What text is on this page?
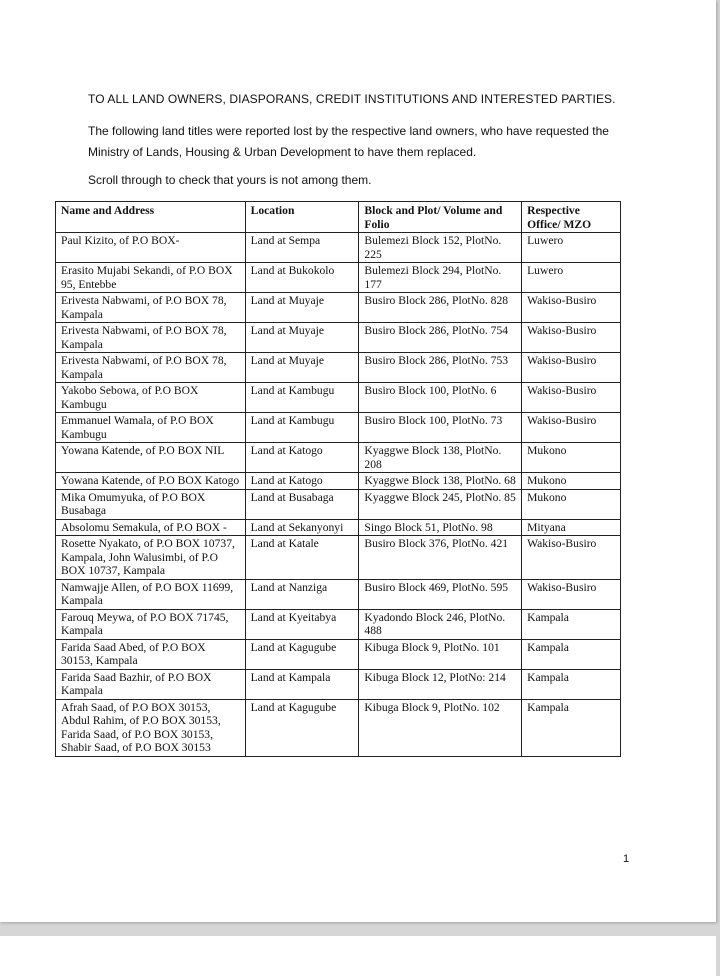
TO ALL LAND OWNERS, DIASPORANS, CREDIT INSTITUTIONS AND INTERESTED PARTIES.
The following land titles were reported lost by the respective land owners, who have requested the Ministry of Lands, Housing & Urban Development to have them replaced.
Scroll through to check that yours is not among them.
Name and Address	Location	Block and Plot/ Volume and Folio	Respective Office/ MZO
Paul Kizito, of P.O BOX-	Land at Sempa	Bulemezi Block 152, PlotNo. 225	Luwero
Erasito Mujabi Sekandi, of P.O BOX 95, Entebbe	Land at Bukokolo	Bulemezi Block 294, PlotNo. 177	Luwero
Erivesta Nabwami, of P.O BOX 78, Kampala	Land at Muyaje	Busiro Block 286, PlotNo. 828	Wakiso-Busiro
Erivesta Nabwami, of P.O BOX 78, Kampala	Land at Muyaje	Busiro Block 286, PlotNo. 754	Wakiso-Busiro
Erivesta Nabwami, of P.O BOX 78, Kampala	Land at Muyaje	Busiro Block 286, PlotNo. 753	Wakiso-Busiro
Yakobo Sebowa, of P.O BOX Kambugu	Land at Kambugu	Busiro Block 100, PlotNo. 6	Wakiso-Busiro
Emmanuel Wamala, of P.O BOX Kambugu	Land at Kambugu	Busiro Block 100, PlotNo. 73	Wakiso-Busiro
Yowana Katende, of P.O BOX NIL	Land at Katogo	Kyaggwe Block 138, PlotNo. 208	Mukono
Yowana Katende, of P.O BOX Katogo	Land at Katogo	Kyaggwe Block 138, PlotNo. 68	Mukono
Mika Omumyuka, of P.O BOX Busabaga	Land at Busabaga	Kyaggwe Block 245, PlotNo. 85	Mukono
Absolomu Semakula, of P.O BOX -	Land at Sekanyonyi	Singo Block 51, PlotNo. 98	Mityana
Rosette Nyakato, of P.O BOX 10737, Kampala, John Walusimbi, of P.O BOX 10737, Kampala	Land at Katale	Busiro Block 376, PlotNo. 421	Wakiso-Busiro
Namwajje Allen, of P.O BOX 11699, Kampala	Land at Nanziga	Busiro Block 469, PlotNo. 595	Wakiso-Busiro
Farouq Meywa, of P.O BOX 71745, Kampala	Land at Kyeitabya	Kyadondo Block 246, PlotNo. 488	Kampala
Farida Saad Abed, of P.O BOX 30153, Kampala	Land at Kagugube	Kibuga Block 9, PlotNo. 101	Kampala
Farida Saad Bazhir, of P.O BOX Kampala	Land at Kampala	Kibuga Block 12, PlotNo: 214	Kampala
Afrah Saad, of P.O BOX 30153, Abdul Rahim, of P.O BOX 30153, Farida Saad, of P.O BOX 30153, Shabir Saad, of P.O BOX 30153	Land at Kagugube	Kibuga Block 9, PlotNo. 102	Kampala
1
